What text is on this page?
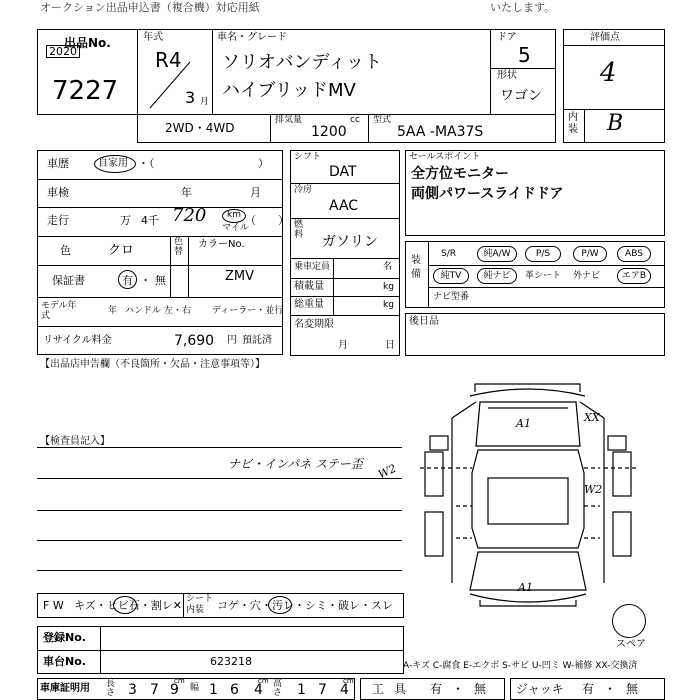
オークション出品申込書（複合機）対応用紙	いたします。
出品No.
2020
7227
年式
R4
3 月
車名・グレード
ソリオバンディット
ハイブリッドMV
ドア
5
形状
ワゴン
評価点
4
内装 B
2WD・4WD
排気量
1200
cc 型式
5AA -MA37S
車歴	自家用 ・（	）
車検	年	月
走行	万 4千 720 km
マイル
（　　）
色	クロ
色替
カラーNo.
ZMV
保証書	有 ・ 無
モデル年式	年 ハンドル 左・右 ディーラー・並行
リサイクル料金	7,690 円 預託済
シフト
DAT
冷房
AAC
燃料 ガソリン
乗車定員	名
積載量	kg
総重量	kg
名変期限
月	日
セールスポイント
全方位モニター
両側パワースライドドア
装備
S/R	純A/W	P/S	P/W	ABS
純TV	純ナビ	革シート 外ナビ	エアB
ナビ型番
後日品
【出品店申告欄（不良箇所・欠品・注意事項等）】
【検査員記入】
ナビ・インパネ ステー歪 W2
A1	XX
W2
A1
スペア
A-キズ C-腐食 E-エクボ S-サビ U-凹ミ W-補修 XX-交換済
F W キズ・ヒビ石・割レ✕ シート
内装 コゲ・穴・汚レ・シミ・破レ・スレ
登録No.
車台No.	623218
車庫証明用 長さ 3 7 9
cm
幅 1 6 4
cm 高さ 1 7 4
cm
工具 有 ・ 無 ジャッキ 有 ・ 無
